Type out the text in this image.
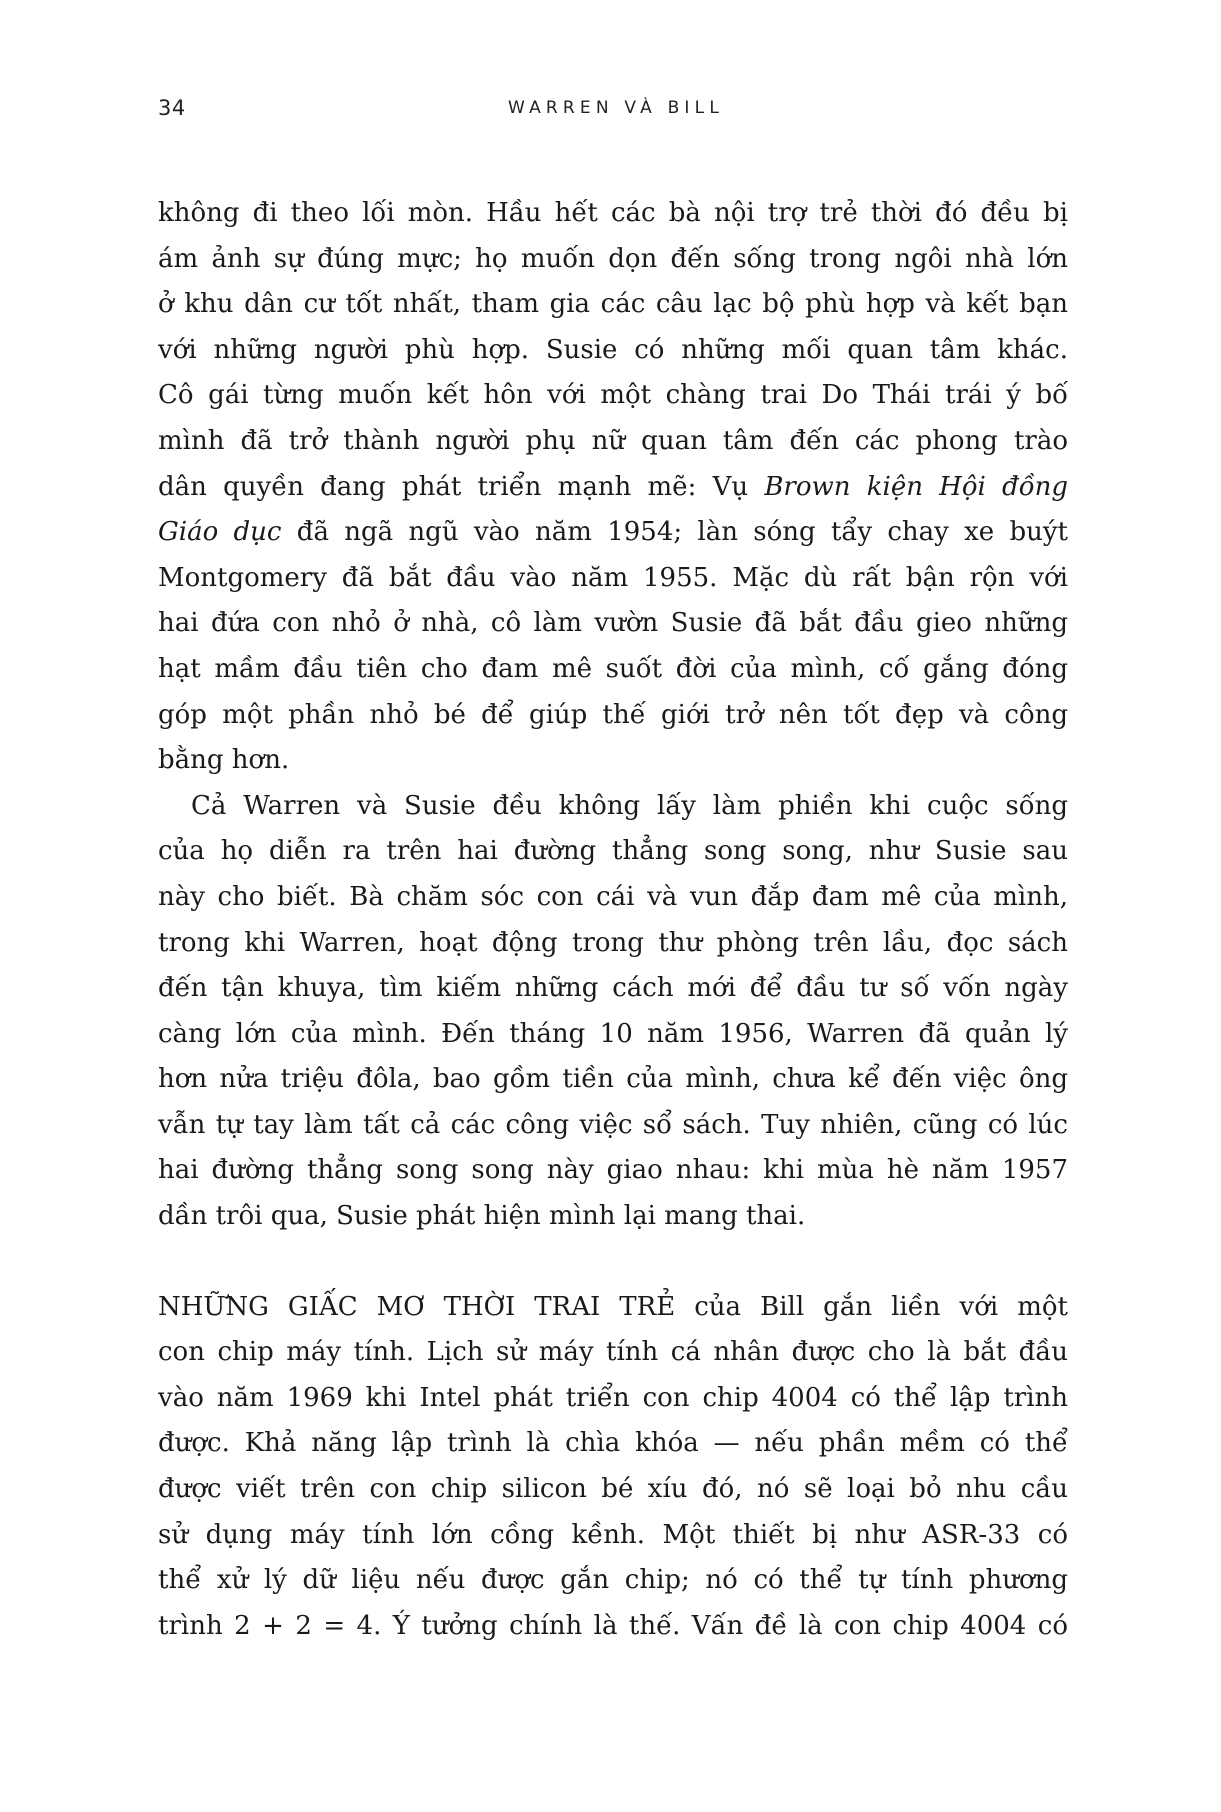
34	WARREN VÀ BILL
không đi theo lối mòn. Hầu hết các bà nội trợ trẻ thời đó đều bị
ám ảnh sự đúng mực; họ muốn dọn đến sống trong ngôi nhà lớn
ở khu dân cư tốt nhất, tham gia các câu lạc bộ phù hợp và kết bạn
với những người phù hợp. Susie có những mối quan tâm khác.
Cô gái từng muốn kết hôn với một chàng trai Do Thái trái ý bố
mình đã trở thành người phụ nữ quan tâm đến các phong trào
dân quyền đang phát triển mạnh mẽ: Vụ Brown kiện Hội đồng
Giáo dục đã ngã ngũ vào năm 1954; làn sóng tẩy chay xe buýt
Montgomery đã bắt đầu vào năm 1955. Mặc dù rất bận rộn với
hai đứa con nhỏ ở nhà, cô làm vườn Susie đã bắt đầu gieo những
hạt mầm đầu tiên cho đam mê suốt đời của mình, cố gắng đóng
góp một phần nhỏ bé để giúp thế giới trở nên tốt đẹp và công
bằng hơn.
Cả Warren và Susie đều không lấy làm phiền khi cuộc sống
của họ diễn ra trên hai đường thẳng song song, như Susie sau
này cho biết. Bà chăm sóc con cái và vun đắp đam mê của mình,
trong khi Warren, hoạt động trong thư phòng trên lầu, đọc sách
đến tận khuya, tìm kiếm những cách mới để đầu tư số vốn ngày
càng lớn của mình. Đến tháng 10 năm 1956, Warren đã quản lý
hơn nửa triệu đôla, bao gồm tiền của mình, chưa kể đến việc ông
vẫn tự tay làm tất cả các công việc sổ sách. Tuy nhiên, cũng có lúc
hai đường thẳng song song này giao nhau: khi mùa hè năm 1957
dần trôi qua, Susie phát hiện mình lại mang thai.
NHỮNG GIẤC MƠ THỜI TRAI TRẺ của Bill gắn liền với một
con chip máy tính. Lịch sử máy tính cá nhân được cho là bắt đầu
vào năm 1969 khi Intel phát triển con chip 4004 có thể lập trình
được. Khả năng lập trình là chìa khóa — nếu phần mềm có thể
được viết trên con chip silicon bé xíu đó, nó sẽ loại bỏ nhu cầu
sử dụng máy tính lớn cồng kềnh. Một thiết bị như ASR-33 có
thể xử lý dữ liệu nếu được gắn chip; nó có thể tự tính phương
trình 2 + 2 = 4. Ý tưởng chính là thế. Vấn đề là con chip 4004 có
